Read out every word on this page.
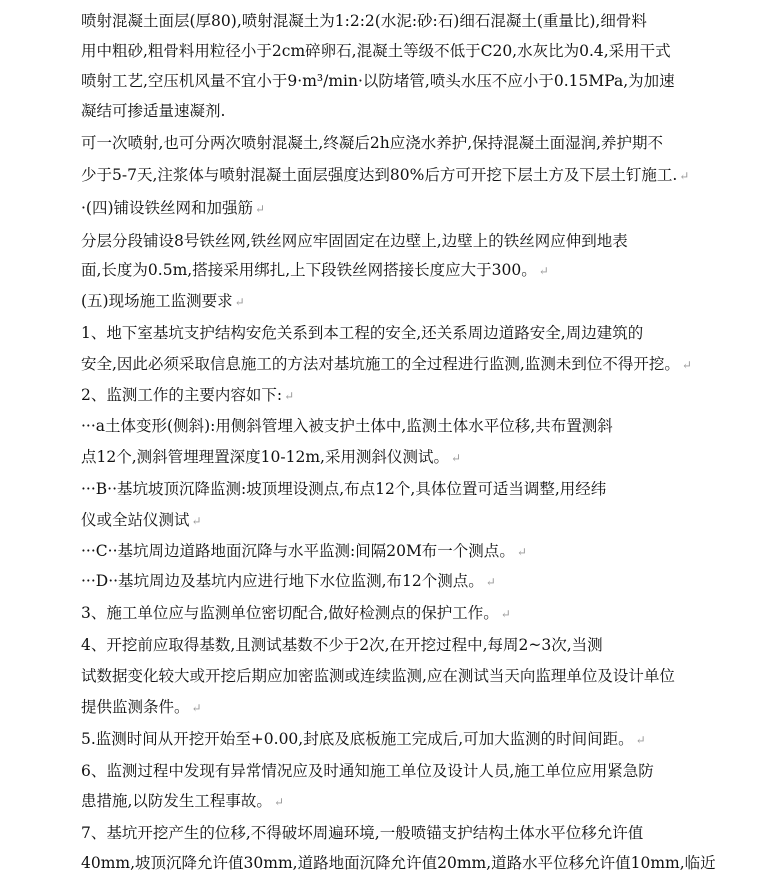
喷射混凝土面层(厚80),喷射混凝土为1:2:2(水泥:砂:石)细石混凝土(重量比),细骨料
用中粗砂,粗骨料用粒径小于2cm碎卵石,混凝土等级不低于C20,水灰比为0.4,采用干式
喷射工艺,空压机风量不宜小于9·m³/min·以防堵管,喷头水压不应小于0.15MPa,为加速
凝结可掺适量速凝剂.
可一次喷射,也可分两次喷射混凝土,终凝后2h应浇水养护,保持混凝土面湿润,养护期不
少于5-7天,注浆体与喷射混凝土面层强度达到80%后方可开挖下层土方及下层土钉施工. ↵
·(四)铺设铁丝网和加强筋 ↵
分层分段铺设8号铁丝网,铁丝网应牢固固定在边壁上,边壁上的铁丝网应伸到地表
面,长度为0.5m,搭接采用绑扎,上下段铁丝网搭接长度应大于300。 ↵
(五)现场施工监测要求 ↵
1、地下室基坑支护结构安危关系到本工程的安全,还关系周边道路安全,周边建筑的
安全,因此必须采取信息施工的方法对基坑施工的全过程进行监测,监测未到位不得开挖。 ↵
2、监测工作的主要内容如下: ↵
···a土体变形(侧斜):用侧斜管埋入被支护土体中,监测土体水平位移,共布置测斜
点12个,测斜管埋理置深度10-12m,采用测斜仪测试。 ↵
···B··基坑坡顶沉降监测:坡顶埋设测点,布点12个,具体位置可适当调整,用经纬
仪或全站仪测试 ↵
···C··基坑周边道路地面沉降与水平监测:间隔20M布一个测点。 ↵
···D··基坑周边及基坑内应进行地下水位监测,布12个测点。 ↵
3、施工单位应与监测单位密切配合,做好检测点的保护工作。 ↵
4、开挖前应取得基数,且测试基数不少于2次,在开挖过程中,每周2~3次,当测
试数据变化较大或开挖后期应加密监测或连续监测,应在测试当天向监理单位及设计单位
提供监测条件。 ↵
5.监测时间从开挖开始至+0.00,封底及底板施工完成后,可加大监测的时间间距。 ↵
6、监测过程中发现有异常情况应及时通知施工单位及设计人员,施工单位应用紧急防
患措施,以防发生工程事故。 ↵
7、基坑开挖产生的位移,不得破坏周遍环境,一般喷锚支护结构土体水平位移允许值
40mm,坡顶沉降允许值30mm,道路地面沉降允许值20mm,道路水平位移允许值10mm,临近
